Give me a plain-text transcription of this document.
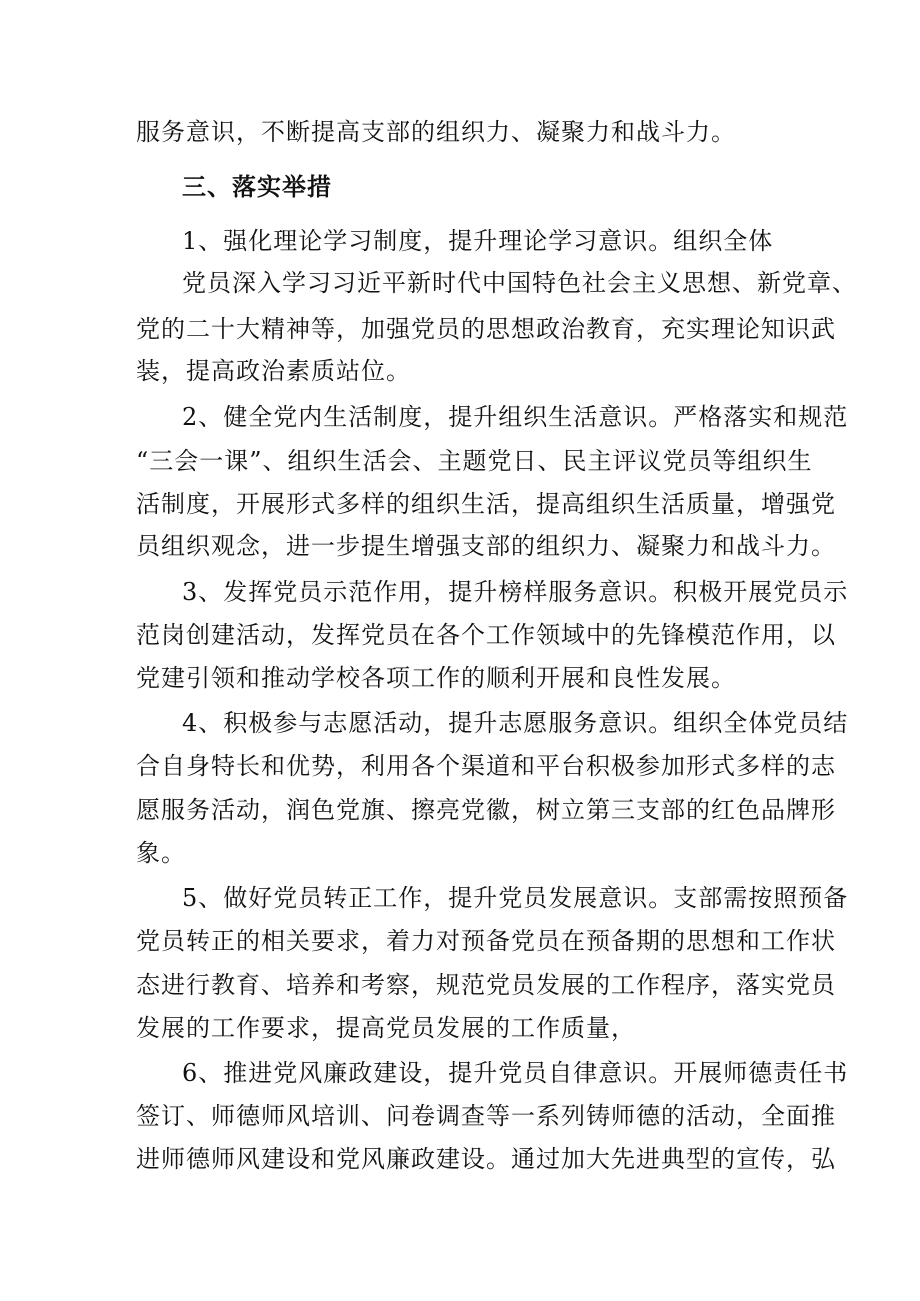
服务意识，不断提高支部的组织力、凝聚力和战斗力。
三、落实举措
1、强化理论学习制度，提升理论学习意识。组织全体
党员深入学习习近平新时代中国特色社会主义思想、新党章、
党的二十大精神等，加强党员的思想政治教育，充实理论知识武
装，提高政治素质站位。
2、健全党内生活制度，提升组织生活意识。严格落实和规范
“三会一课”、组织生活会、主题党日、民主评议党员等组织生
活制度，开展形式多样的组织生活，提高组织生活质量，增强党
员组织观念，进一步提生增强支部的组织力、凝聚力和战斗力。
3、发挥党员示范作用，提升榜样服务意识。积极开展党员示
范岗创建活动，发挥党员在各个工作领域中的先锋模范作用，以
党建引领和推动学校各项工作的顺利开展和良性发展。
4、积极参与志愿活动，提升志愿服务意识。组织全体党员结
合自身特长和优势，利用各个渠道和平台积极参加形式多样的志
愿服务活动，润色党旗、擦亮党徽，树立第三支部的红色品牌形
象。
5、做好党员转正工作，提升党员发展意识。支部需按照预备
党员转正的相关要求，着力对预备党员在预备期的思想和工作状
态进行教育、培养和考察，规范党员发展的工作程序，落实党员
发展的工作要求，提高党员发展的工作质量，
6、推进党风廉政建设，提升党员自律意识。开展师德责任书
签订、师德师风培训、问卷调查等一系列铸师德的活动，全面推
进师德师风建设和党风廉政建设。通过加大先进典型的宣传，弘
